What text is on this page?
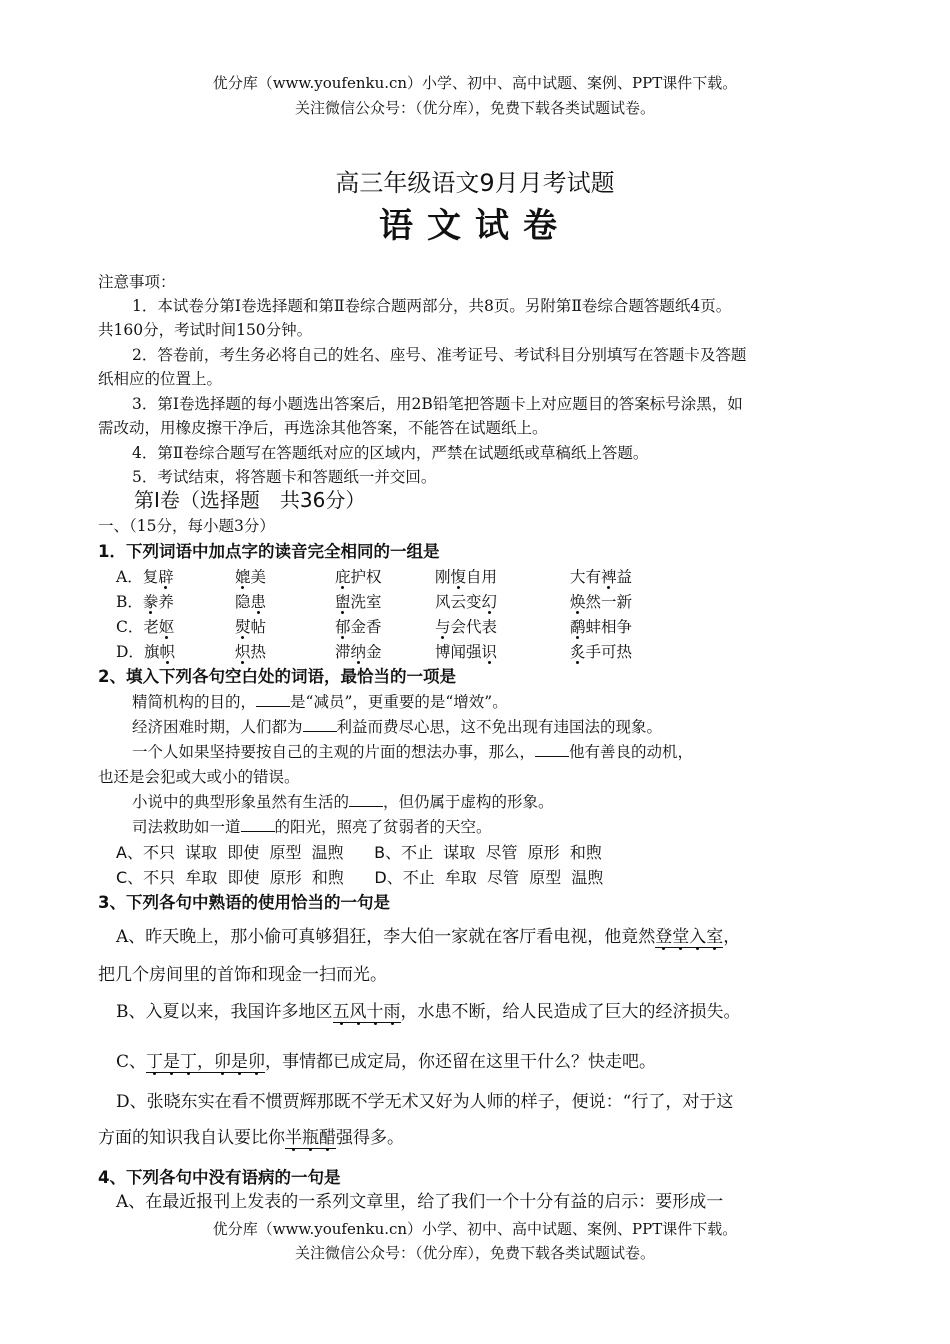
优分库（www.youfenku.cn）小学、初中、高中试题、案例、PPT课件下载。
关注微信公众号：（优分库），免费下载各类试题试卷。
高三年级语文9月月考试题
语文试卷
注意事项：
1．本试卷分第Ⅰ卷选择题和第Ⅱ卷综合题两部分，共8页。另附第Ⅱ卷综合题答题纸4页。
共160分，考试时间150分钟。
2．答卷前，考生务必将自己的姓名、座号、准考证号、考试科目分别填写在答题卡及答题
纸相应的位置上。
3．第Ⅰ卷选择题的每小题选出答案后，用2B铅笔把答题卡上对应题目的答案标号涂黑，如
需改动，用橡皮擦干净后，再选涂其他答案，不能答在试题纸上。
4．第Ⅱ卷综合题写在答题纸对应的区域内，严禁在试题纸或草稿纸上答题。
5．考试结束，将答题卡和答题纸一并交回。
第Ⅰ卷（选择题　共36分）
一、（15分，每小题3分）
1．下列词语中加点字的读音完全相同的一组是
A．复辟	媲美	庇护权	刚愎自用	大有裨益
B．豢养	隐患	盥洗室	风云变幻	焕然一新
C．老妪	熨帖	郁金香	与会代表	鹬蚌相争
D．旗帜	炽热	滞纳金	博闻强识	炙手可热
2、填入下列各句空白处的词语，最恰当的一项是
精简机构的目的， 是“减员”，更重要的是“增效”。
经济困难时期，人们都为 利益而费尽心思，这不免出现有违国法的现象。
一个人如果坚持要按自己的主观的片面的想法办事，那么， 他有善良的动机，
也还是会犯或大或小的错误。
小说中的典型形象虽然有生活的 ，但仍属于虚构的形象。
司法救助如一道 的阳光，照亮了贫弱者的天空。
A、不只  谋取  即使  原型  温煦      B、不止  谋取  尽管  原形  和煦
C、不只  牟取  即使  原形  和煦      D、不止  牟取  尽管  原型  温煦
3、下列各句中熟语的使用恰当的一句是
A、昨天晚上，那小偷可真够猖狂，李大伯一家就在客厅看电视，他竟然登堂入室，
把几个房间里的首饰和现金一扫而光。
B、入夏以来，我国许多地区五风十雨，水患不断，给人民造成了巨大的经济损失。
C、丁是丁，卯是卯，事情都已成定局，你还留在这里干什么？快走吧。
D、张晓东实在看不惯贾辉那既不学无术又好为人师的样子，便说：“行了，对于这
方面的知识我自认要比你半瓶醋强得多。
4、下列各句中没有语病的一句是
A、在最近报刊上发表的一系列文章里，给了我们一个十分有益的启示：要形成一
优分库（www.youfenku.cn）小学、初中、高中试题、案例、PPT课件下载。
关注微信公众号：（优分库），免费下载各类试题试卷。
